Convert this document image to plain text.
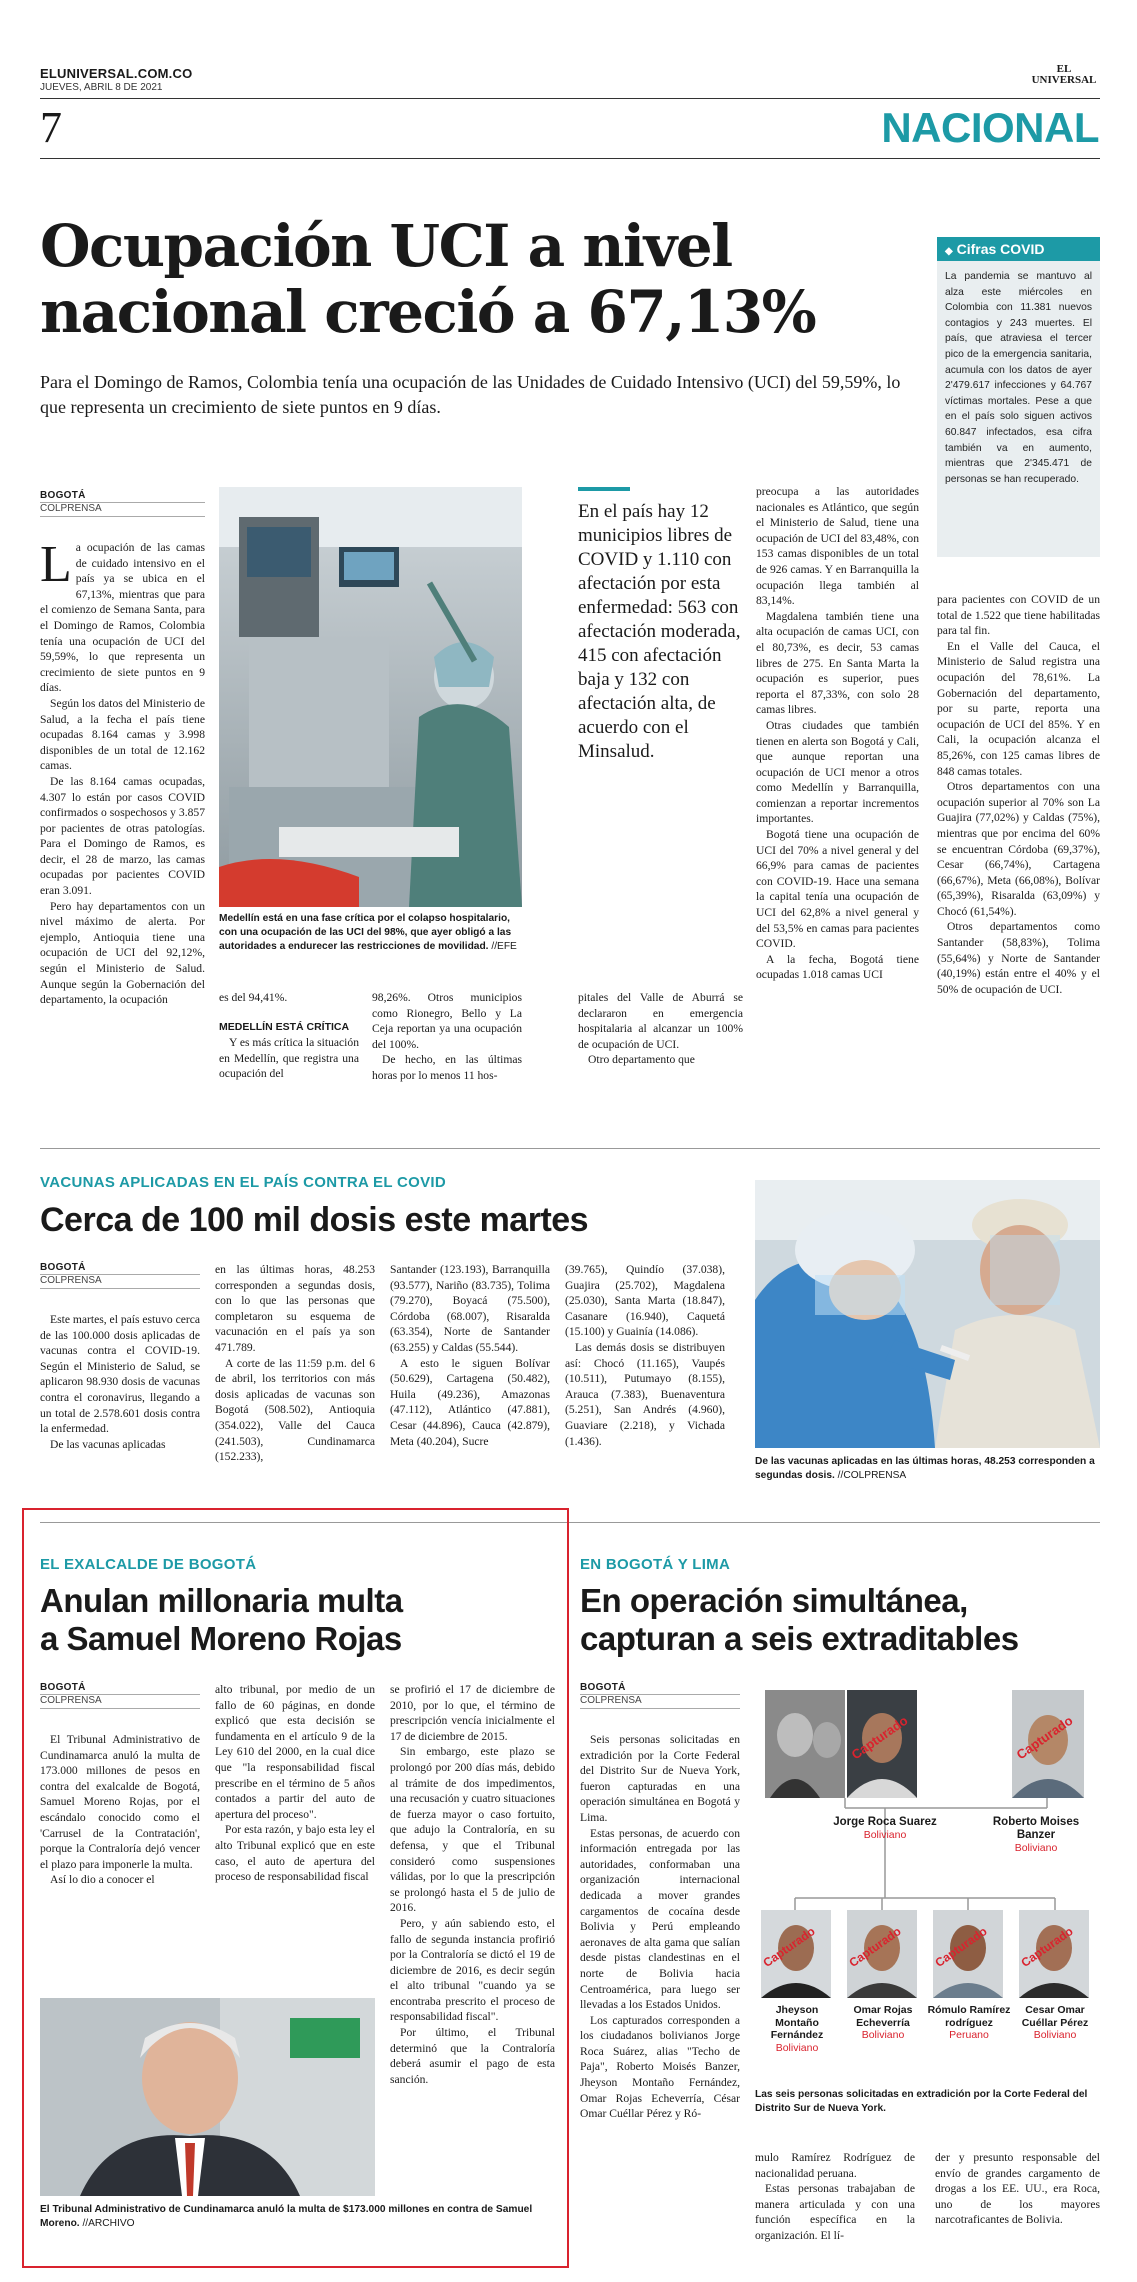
ELUNIVERSAL.COM.CO
JUEVES, ABRIL 8 DE 2021
EL
UNIVERSAL
7	NACIONAL
Ocupación UCI a nivel
nacional creció a 67,13%
Para el Domingo de Ramos, Colombia tenía una ocupación de las Unidades de Cuidado Intensivo (UCI) del 59,59%, lo que representa un crecimiento de siete puntos en 9 días.
◆ Cifras COVID
La pandemia se mantuvo al alza este miércoles en Colombia con 11.381 nuevos contagios y 243 muertes. El país, que atraviesa el tercer pico de la emergencia sanitaria, acumula con los datos de ayer 2'479.617 infecciones y 64.767 víctimas mortales. Pese a que en el país solo siguen activos 60.847 infectados, esa cifra también va en aumento, mientras que 2'345.471 de personas se han recuperado.
BOGOTÁ
COLPRENSA

La ocupación de las camas de cuidado intensivo en el país ya se ubica en el 67,13%, mientras que para el comienzo de Semana Santa, para el Domingo de Ramos, Colombia tenía una ocupación de UCI del 59,59%, lo que representa un crecimiento de siete puntos en 9 días.

Según los datos del Ministerio de Salud, a la fecha el país tiene ocupadas 8.164 camas y 3.998 disponibles de un total de 12.162 camas.

De las 8.164 camas ocupadas, 4.307 lo están por casos COVID confirmados o sospechosos y 3.857 por pacientes de otras patologías. Para el Domingo de Ramos, es decir, el 28 de marzo, las camas ocupadas por pacientes COVID eran 3.091.

Pero hay departamentos con un nivel máximo de alerta. Por ejemplo, Antioquia tiene una ocupación de UCI del 92,12%, según el Ministerio de Salud. Aunque según la Gobernación del departamento, la ocupación

Medellín está en una fase crítica por el colapso hospitalario, con una ocupación de las UCI del 98%, que ayer obligó a las autoridades a endurecer las restricciones de movilidad. //EFE

es del 94,41%.

MEDELLÍN ESTÁ CRÍTICA

Y es más crítica la situación en Medellín, que registra una ocupación del

98,26%. Otros municipios como Rionegro, Bello y La Ceja reportan ya una ocupación del 100%.

De hecho, en las últimas horas por lo menos 11 hos-

En el país hay 12 municipios libres de COVID y 1.110 con afectación por esta enfermedad: 563 con afectación moderada, 415 con afectación baja y 132 con afectación alta, de acuerdo con el Minsalud.

pitales del Valle de Aburrá se declararon en emergencia hospitalaria al alcanzar un 100% de ocupación de UCI.

Otro departamento que

preocupa a las autoridades nacionales es Atlántico, que según el Ministerio de Salud, tiene una ocupación de UCI del 83,48%, con 153 camas disponibles de un total de 926 camas. Y en Barranquilla la ocupación llega también al 83,14%.

Magdalena también tiene una alta ocupación de camas UCI, con el 80,73%, es decir, 53 camas libres de 275. En Santa Marta la ocupación es superior, pues reporta el 87,33%, con solo 28 camas libres.

Otras ciudades que también tienen en alerta son Bogotá y Cali, que aunque reportan una ocupación de UCI menor a otros como Medellín y Barranquilla, comienzan a reportar incrementos importantes.

Bogotá tiene una ocupación de UCI del 70% a nivel general y del 66,9% para camas de pacientes con COVID-19. Hace una semana la capital tenía una ocupación de UCI del 62,8% a nivel general y del 53,5% en camas para pacientes COVID.

A la fecha, Bogotá tiene ocupadas 1.018 camas UCI

para pacientes con COVID de un total de 1.522 que tiene habilitadas para tal fin.

En el Valle del Cauca, el Ministerio de Salud registra una ocupación del 78,61%. La Gobernación del departamento, por su parte, reporta una ocupación de UCI del 85%. Y en Cali, la ocupación alcanza el 85,26%, con 125 camas libres de 848 camas totales.

Otros departamentos con una ocupación superior al 70% son La Guajira (77,02%) y Caldas (75%), mientras que por encima del 60% se encuentran Córdoba (69,37%), Cesar (66,74%), Cartagena (66,67%), Meta (66,08%), Bolívar (65,39%), Risaralda (63,09%) y Chocó (61,54%).

Otros departamentos como Santander (58,83%), Tolima (55,64%) y Norte de Santander (40,19%) están entre el 40% y el 50% de ocupación de UCI.

VACUNAS APLICADAS EN EL PAÍS CONTRA EL COVID
Cerca de 100 mil dosis este martes
BOGOTÁ
COLPRENSA

Este martes, el país estuvo cerca de las 100.000 dosis aplicadas de vacunas contra el COVID-19. Según el Ministerio de Salud, se aplicaron 98.930 dosis de vacunas contra el coronavirus, llegando a un total de 2.578.601 dosis contra la enfermedad.

De las vacunas aplicadas

en las últimas horas, 48.253 corresponden a segundas dosis, con lo que las personas que completaron su esquema de vacunación en el país ya son 471.789.

A corte de las 11:59 p.m. del 6 de abril, los territorios con más dosis aplicadas de vacunas son Bogotá (508.502), Antioquia (354.022), Valle del Cauca (241.503), Cundinamarca (152.233),

Santander (123.193), Barranquilla (93.577), Nariño (83.735), Tolima (79.270), Boyacá (75.500), Córdoba (68.007), Risaralda (63.354), Norte de Santander (63.255) y Caldas (55.544).

A esto le siguen Bolívar (50.629), Cartagena (50.482), Huila (49.236), Amazonas (47.112), Atlántico (47.881), Cesar (44.896), Cauca (42.879), Meta (40.204), Sucre

(39.765), Quindío (37.038), Guajira (25.702), Magdalena (25.030), Santa Marta (18.847), Casanare (16.940), Caquetá (15.100) y Guainía (14.086).

Las demás dosis se distribuyen así: Chocó (11.165), Vaupés (10.511), Putumayo (8.155), Arauca (7.383), Buenaventura (5.251), San Andrés (4.960), Guaviare (2.218), y Vichada (1.436).

De las vacunas aplicadas en las últimas horas, 48.253 corresponden a segundas dosis. //COLPRENSA
EL EXALCALDE DE BOGOTÁ
Anulan millonaria multa
a Samuel Moreno Rojas
BOGOTÁ
COLPRENSA

El Tribunal Administrativo de Cundinamarca anuló la multa de 173.000 millones de pesos en contra del exalcalde de Bogotá, Samuel Moreno Rojas, por el escándalo conocido como el 'Carrusel de la Contratación', porque la Contraloría dejó vencer el plazo para imponerle la multa.

Así lo dio a conocer el

alto tribunal, por medio de un fallo de 60 páginas, en donde explicó que esta decisión se fundamenta en el artículo 9 de la Ley 610 del 2000, en la cual dice que "la responsabilidad fiscal prescribe en el término de 5 años contados a partir del auto de apertura del proceso".

Por esta razón, y bajo esta ley el alto Tribunal explicó que en este caso, el auto de apertura del proceso de responsabilidad fiscal

se profirió el 17 de diciembre de 2010, por lo que, el término de prescripción vencía inicialmente el 17 de diciembre de 2015.

Sin embargo, este plazo se prolongó por 200 días más, debido al trámite de dos impedimentos, una recusación y cuatro situaciones de fuerza mayor o caso fortuito, que adujo la Contraloría, en su defensa, y que el Tribunal consideró como suspensiones válidas, por lo que la prescripción se prolongó hasta el 5 de julio de 2016.

Pero, y aún sabiendo esto, el fallo de segunda instancia profirió por la Contraloría se dictó el 19 de diciembre de 2016, es decir según el alto tribunal "cuando ya se encontraba prescrito el proceso de responsabilidad fiscal".

Por último, el Tribunal determinó que la Contraloría deberá asumir el pago de esta sanción.

El Tribunal Administrativo de Cundinamarca anuló la multa de $173.000 millones en contra de Samuel Moreno. //ARCHIVO
EN BOGOTÁ Y LIMA
En operación simultánea,
capturan a seis extraditables
BOGOTÁ
COLPRENSA

Seis personas solicitadas en extradición por la Corte Federal del Distrito Sur de Nueva York, fueron capturadas en una operación simultánea en Bogotá y Lima.

Estas personas, de acuerdo con información entregada por las autoridades, conformaban una organización internacional dedicada a mover grandes cargamentos de cocaína desde Bolivia y Perú empleando aeronaves de alta gama que salían desde pistas clandestinas en el norte de Bolivia hacia Centroamérica, para luego ser llevadas a los Estados Unidos.

Los capturados corresponden a los ciudadanos bolivianos Jorge Roca Suárez, alias "Techo de Paja", Roberto Moisés Banzer, Jheyson Montaño Fernández, Omar Rojas Echeverría, César Omar Cuéllar Pérez y Ró-

mulo Ramírez Rodríguez de nacionalidad peruana.

Estas personas trabajaban de manera articulada y con una función específica en la organización. El lí-

der y presunto responsable del envío de grandes cargamento de drogas a los EE. UU., era Roca, uno de los mayores narcotraficantes de Bolivia.

Capturado	Capturado
Jorge Roca Suarez
Boliviano
Roberto Moises Banzer
Boliviano
Capturado Capturado Capturado Capturado
Jheyson Montaño Fernández
Boliviano
Omar Rojas Echeverría
Boliviano
Rómulo Ramírez rodríguez
Peruano
Cesar Omar Cuéllar Pérez
Boliviano
Las seis personas solicitadas en extradición por la Corte Federal del Distrito Sur de Nueva York.
